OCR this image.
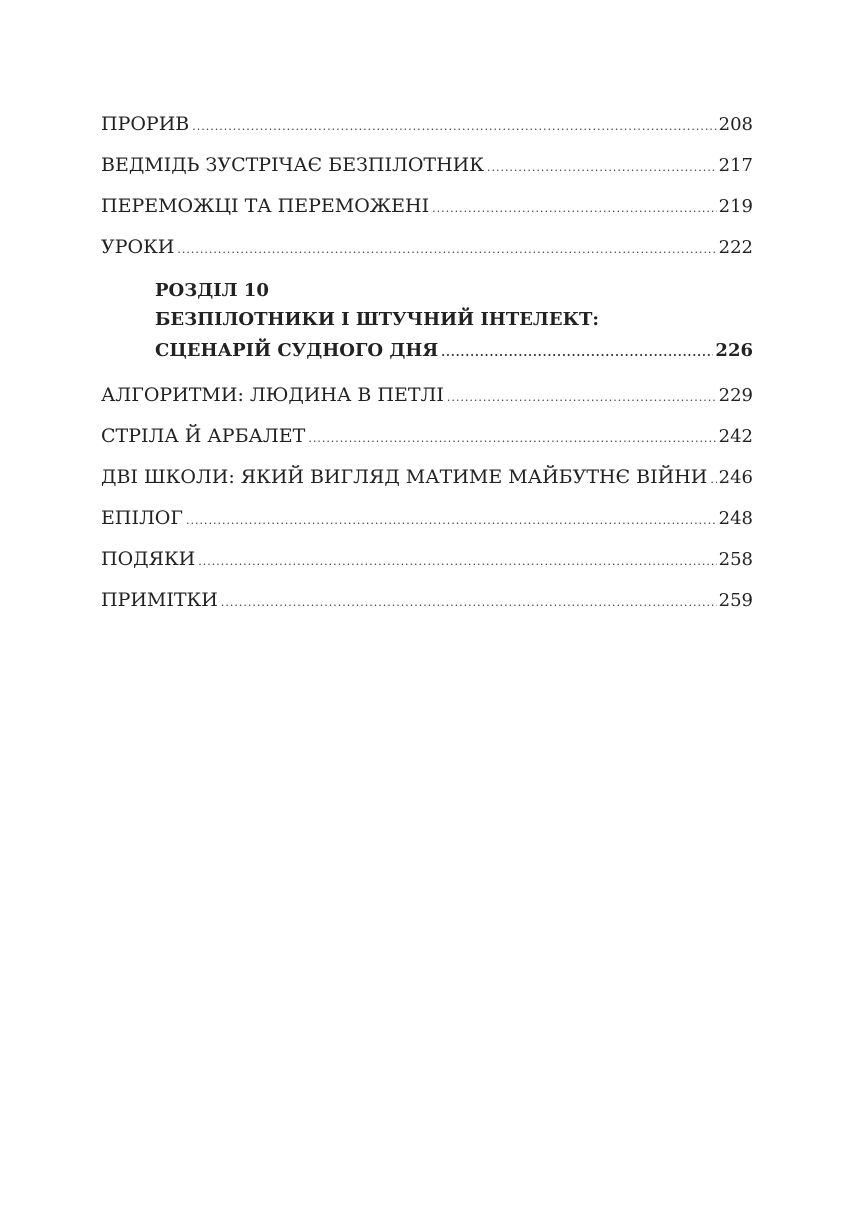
ПРОРИВ .....	208
ВЕДМІДЬ ЗУСТРІЧАЄ БЕЗПІЛОТНИК .....	217
ПЕРЕМОЖЦІ ТА ПЕРЕМОЖЕНІ .....	219
УРОКИ .....	222
РОЗДІЛ 10
БЕЗПІЛОТНИКИ І ШТУЧНИЙ ІНТЕЛЕКТ:
СЦЕНАРІЙ СУДНОГО ДНЯ .....	226
АЛГОРИТМИ: ЛЮДИНА В ПЕТЛІ .....	229
СТРІЛА Й АРБАЛЕТ .....	242
ДВІ ШКОЛИ: ЯКИЙ ВИГЛЯД МАТИМЕ МАЙБУТНЄ ВІЙНИ ..... 246
ЕПІЛОГ .....	248
ПОДЯКИ .....	258
ПРИМІТКИ .....	259
